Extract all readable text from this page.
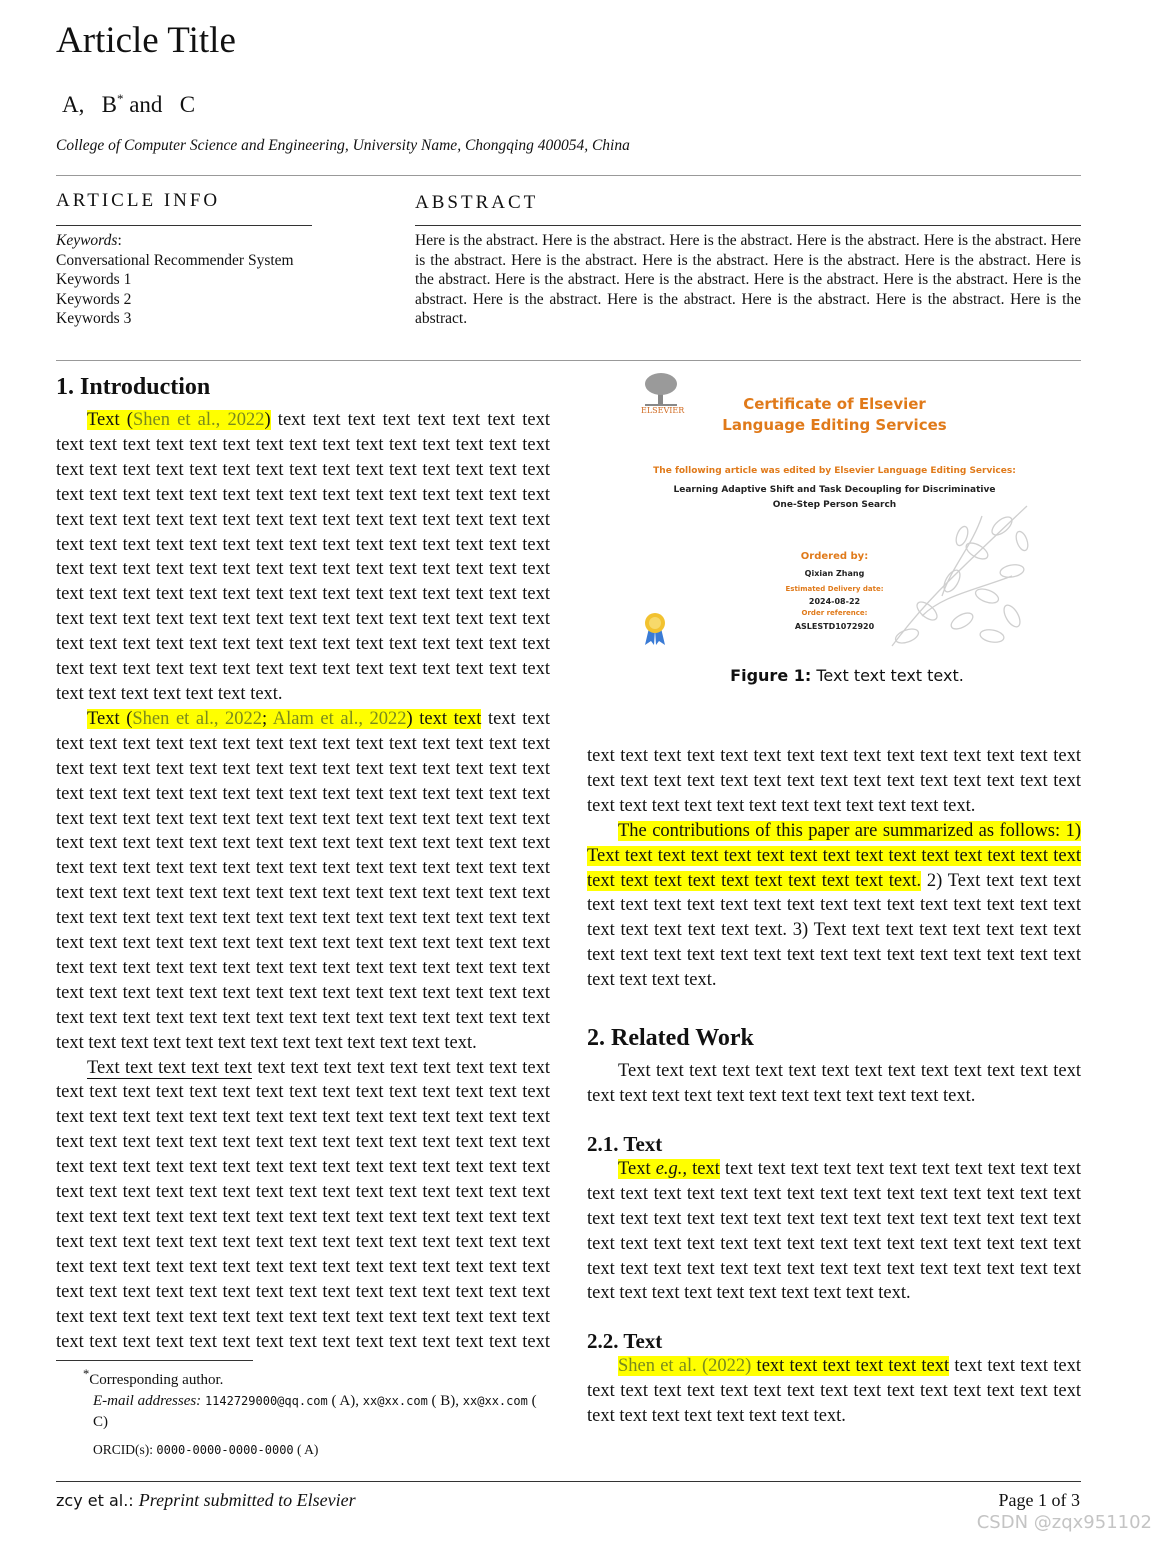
Article Title
A, B* and C
College of Computer Science and Engineering, University Name, Chongqing 400054, China
ARTICLE INFO
Keywords:
Conversational Recommender System
Keywords 1
Keywords 2
Keywords 3
ABSTRACT
Here is the abstract. Here is the abstract. Here is the abstract. Here is the abstract. Here is the abstract. Here is the abstract. Here is the abstract. Here is the abstract. Here is the abstract. Here is the abstract. Here is the abstract. Here is the abstract. Here is the abstract. Here is the abstract. Here is the abstract. Here is the abstract. Here is the abstract. Here is the abstract. Here is the abstract. Here is the abstract. Here is the abstract.
1. Introduction

Text (Shen et al., 2022) text text text text text text text text text text text text text text text text text text text text text text text text text text text text text text text text text text text text text text text text text text text text text text text text text text text text text text text text text text text text text text text text text text text text text text text text text text text text text text text text text text text text text text text text text text text text text text text text text text text text text text text text text text text text text text text text text text text text text text text text text text text text text text text text text text text text text text text text text text text text text text text text text text text text text text text text text text text text text text text text text text text text text.

Text (Shen et al., 2022; Alam et al., 2022) text text text text text text text text text text text text text text text text text text text text text text text text text text text text text text text text text text text text text text text text text text text text text text text text text text text text text text text text text text text text text text text text text text text text text text text text text text text text text text text text text text text text text text text text text text text text text text text text text text text text text text text text text text text text text text text text text text text text text text text text text text text text text text text text text text text text text text text text text text text text text text text text text text text text text text text text text text text text text text text text text text text text text text text text text text text text text text text text text text text text text text text text text text text text text text text text text text text text text.

Text text text text text text text text text text text text text text text text text text text text text text text text text text text text text text text text text text text text text text text text text text text text text text text text text text text text text text text text text text text text text text text text text text text text text text text text text text text text text text text text text text text text text text text text text text text text text text text text text text text text text text text text text text text text text text text text text text text text text text text text text text text text text text text text text text text text text text text text text text text text text text text text text text text text text text text text text text text text text text text text text text text text text text text text text text text text text text text text text text text

*Corresponding author.
E-mail addresses: 1142729000@qq.com ( A), xx@xx.com ( B), xx@xx.com ( C)
ORCID(s): 0000-0000-0000-0000 ( A)
ELSEVIER	Certificate of Elsevier
Language Editing Services
The following article was edited by Elsevier Language Editing Services:
Learning Adaptive Shift and Task Decoupling for Discriminative
One-Step Person Search
Ordered by:
Qixian Zhang
Estimated Delivery date:
2024-08-22
Order reference:
ASLESTD1072920
Figure 1: Text text text text.

text text text text text text text text text text text text text text text text text text text text text text text text text text text text text text text text text text text text text text text text text text.

The contributions of this paper are summarized as follows: 1) Text text text text text text text text text text text text text text text text text text text text text text text text text. 2) Text text text text text text text text text text text text text text text text text text text text text text text text text. 3) Text text text text text text text text text text text text text text text text text text text text text text text text text text text.

2. Related Work

Text text text text text text text text text text text text text text text text text text text text text text text text text text.

2.1. Text

Text e.g., text text text text text text text text text text text text text text text text text text text text text text text text text text text text text text text text text text text text text text text text text text text text text text text text text text text text text text text text text text text text text text text text text text text text text text text text text text text text text text text text text text.

2.2. Text

Shen et al. (2022) text text text text text text text text text text text text text text text text text text text text text text text text text text text text text text text text text.

zcy et al.: Preprint submitted to Elsevier	Page 1 of 3
CSDN @zqx951102
